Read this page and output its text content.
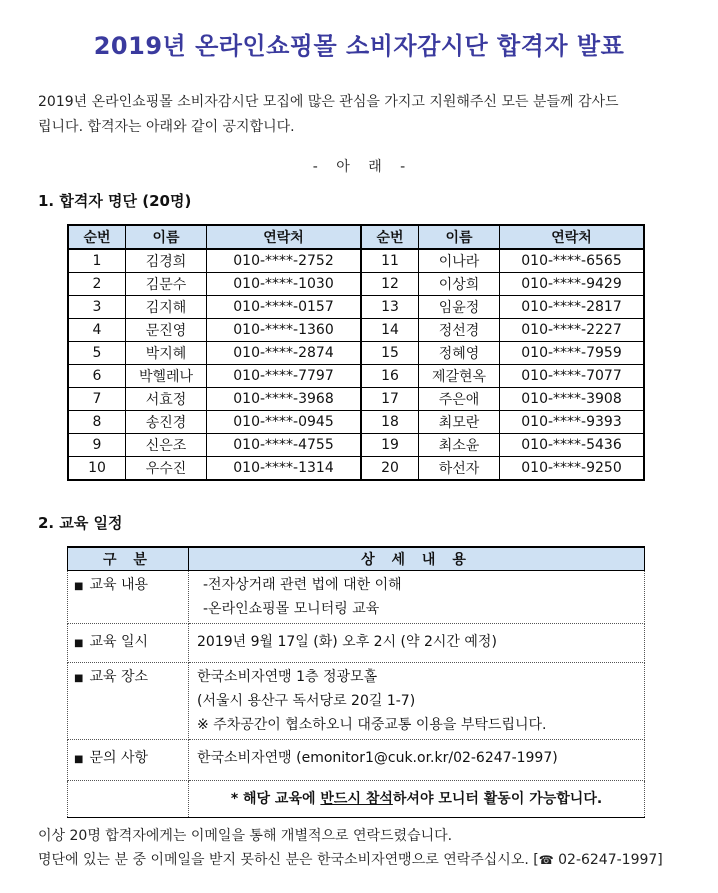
2019년 온라인쇼핑몰 소비자감시단 합격자 발표
2019년 온라인쇼핑몰 소비자감시단 모집에 많은 관심을 가지고 지원해주신 모든 분들께 감사드
립니다. 합격자는 아래와 같이 공지합니다.
- 아 래 -
1. 합격자 명단 (20명)
순번	이름	연락처	순번	이름	연락처
1	김경희	010-****-2752	11	이나라	010-****-6565
2	김문수	010-****-1030	12	이상희	010-****-9429
3	김지해	010-****-0157	13	임윤정	010-****-2817
4	문진영	010-****-1360	14	정선경	010-****-2227
5	박지혜	010-****-2874	15	정혜영	010-****-7959
6	박헬레나	010-****-7797	16	제갈현옥	010-****-7077
7	서효정	010-****-3968	17	주은애	010-****-3908
8	송진경	010-****-0945	18	최모란	010-****-9393
9	신은조	010-****-4755	19	최소윤	010-****-5436
10	우수진	010-****-1314	20	하선자	010-****-9250
2. 교육 일정
구 분	상 세 내 용
■ 교육 내용	-전자상거래 관련 법에 대한 이해
-온라인쇼핑몰 모니터링 교육

■ 교육 일시	2019년 9월 17일 (화) 오후 2시 (약 2시간 예정)

■ 교육 장소	한국소비자연맹 1층 정광모홀
(서울시 용산구 독서당로 20길 1-7)
※ 주차공간이 협소하오니 대중교통 이용을 부탁드립니다.

■ 문의 사항	한국소비자연맹 (emonitor1@cuk.or.kr/02-6247-1997)

	* 해당 교육에 반드시 참석하셔야 모니터 활동이 가능합니다.
이상 20명 합격자에게는 이메일을 통해 개별적으로 연락드렸습니다.
명단에 있는 분 중 이메일을 받지 못하신 분은 한국소비자연맹으로 연락주십시오. [☎ 02-6247-1997]
